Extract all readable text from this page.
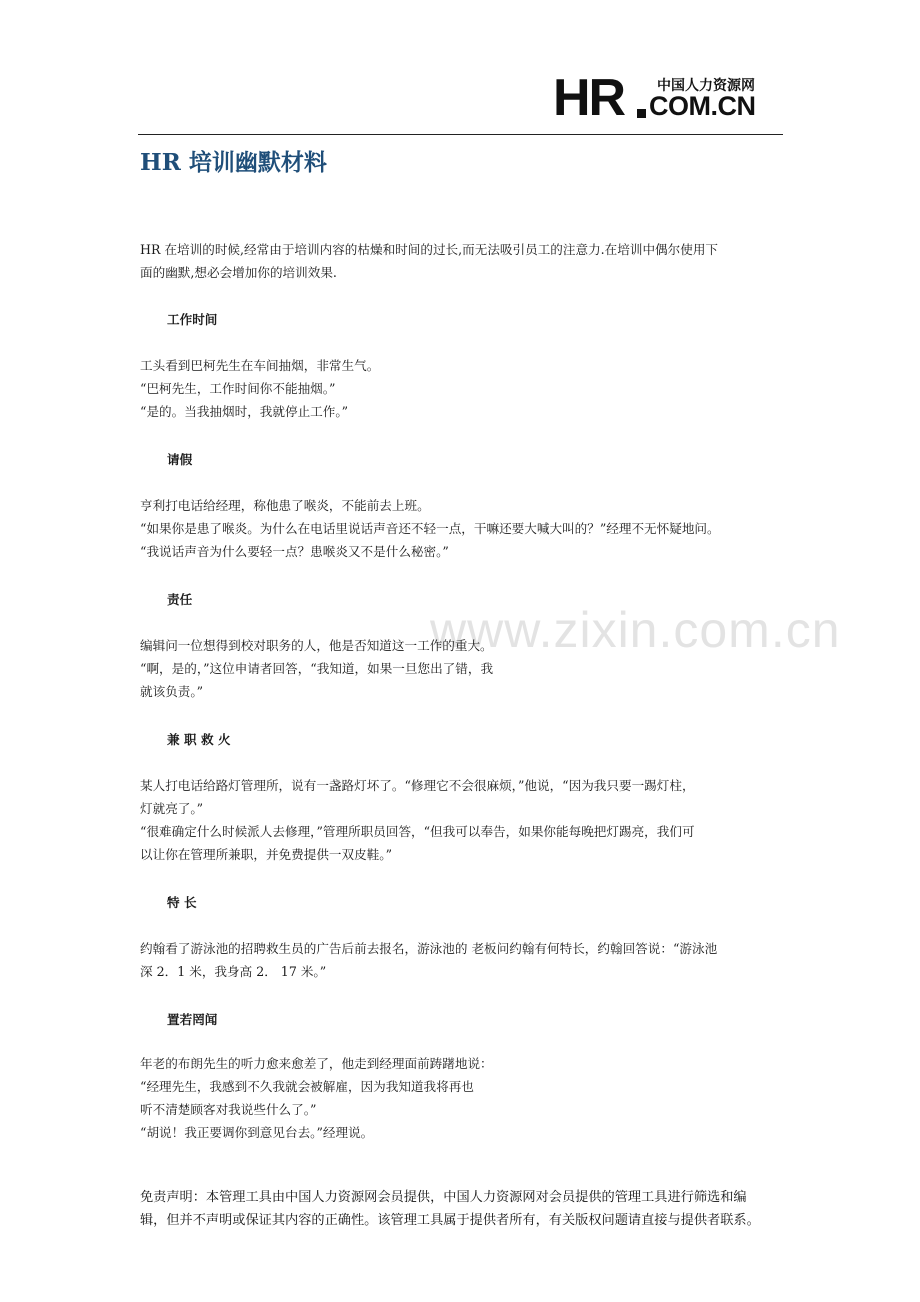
HR 中国人力资源网
COM.CN
HR 培训幽默材料
www.zixin.com.cn

HR 在培训的时候,经常由于培训内容的枯燥和时间的过长,而无法吸引员工的注意力.在培训中偶尔使用下
面的幽默,想必会增加你的培训效果.

工作时间

工头看到巴柯先生在车间抽烟，非常生气。
“巴柯先生，工作时间你不能抽烟。”
“是的。当我抽烟时，我就停止工作。”

请假

亨利打电话给经理，称他患了喉炎，不能前去上班。
“如果你是患了喉炎。为什么在电话里说话声音还不轻一点，干嘛还要大喊大叫的？”经理不无怀疑地问。
“我说话声音为什么要轻一点？患喉炎又不是什么秘密。”

责任

编辑问一位想得到校对职务的人，他是否知道这一工作的重大。
“啊，是的，”这位申请者回答，“我知道，如果一旦您出了错，我
就该负责。”

兼 职 救 火

某人打电话给路灯管理所，说有一盏路灯坏了。“修理它不会很麻烦，”他说，“因为我只要一踢灯柱，
灯就亮了。”
“很难确定什么时候派人去修理，”管理所职员回答，“但我可以奉告，如果你能每晚把灯踢亮，我们可
以让你在管理所兼职，并免费提供一双皮鞋。”

特 长

约翰看了游泳池的招聘救生员的广告后前去报名，游泳池的 老板问约翰有何特长，约翰回答说：“游泳池
深 2．1 米，我身高 2． 17 米。”

置若罔闻

年老的布朗先生的听力愈来愈差了，他走到经理面前踌躇地说：
“经理先生，我感到不久我就会被解雇，因为我知道我将再也
听不清楚顾客对我说些什么了。”
“胡说！我正要调你到意见台去。”经理说。

免责声明：本管理工具由中国人力资源网会员提供，中国人力资源网对会员提供的管理工具进行筛选和编
辑，但并不声明或保证其内容的正确性。该管理工具属于提供者所有，有关版权问题请直接与提供者联系。
